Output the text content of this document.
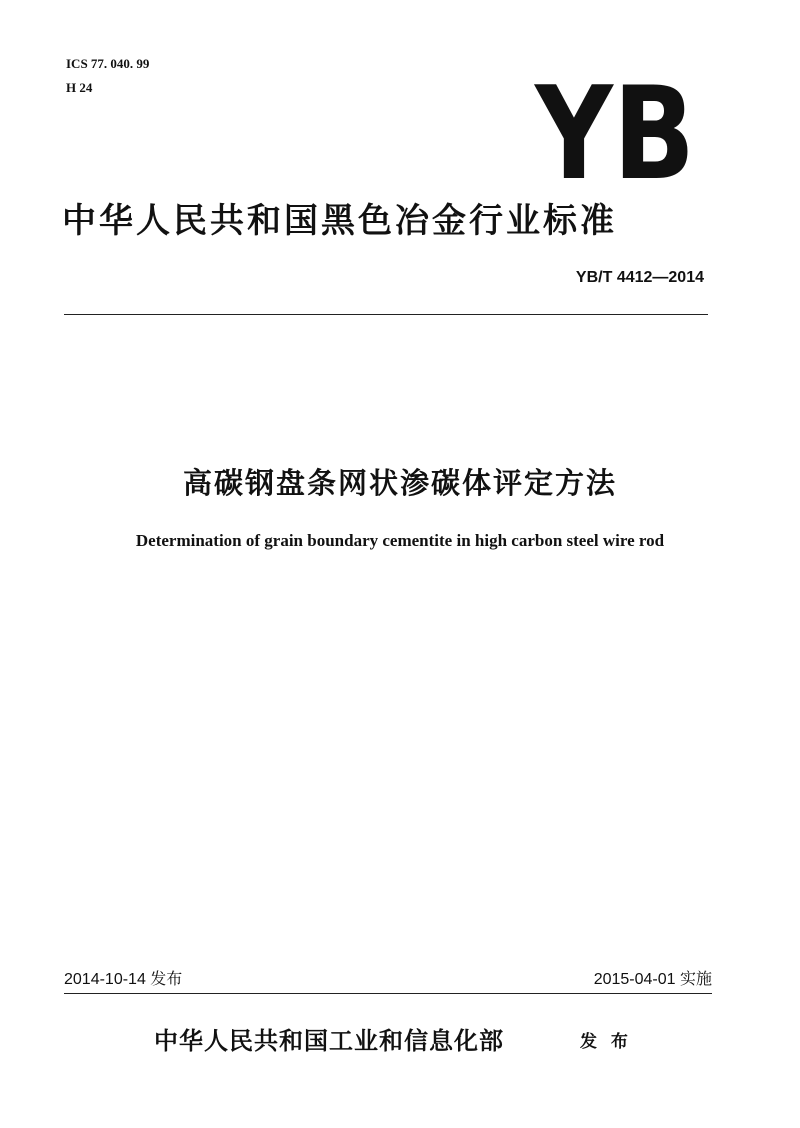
ICS 77. 040. 99
H 24	YB
中华人民共和国黑色冶金行业标准
YB/T 4412—2014
高碳钢盘条网状渗碳体评定方法
Determination of grain boundary cementite in high carbon steel wire rod
2014-10-14 发布	2015-04-01 实施
中华人民共和国工业和信息化部	发 布
